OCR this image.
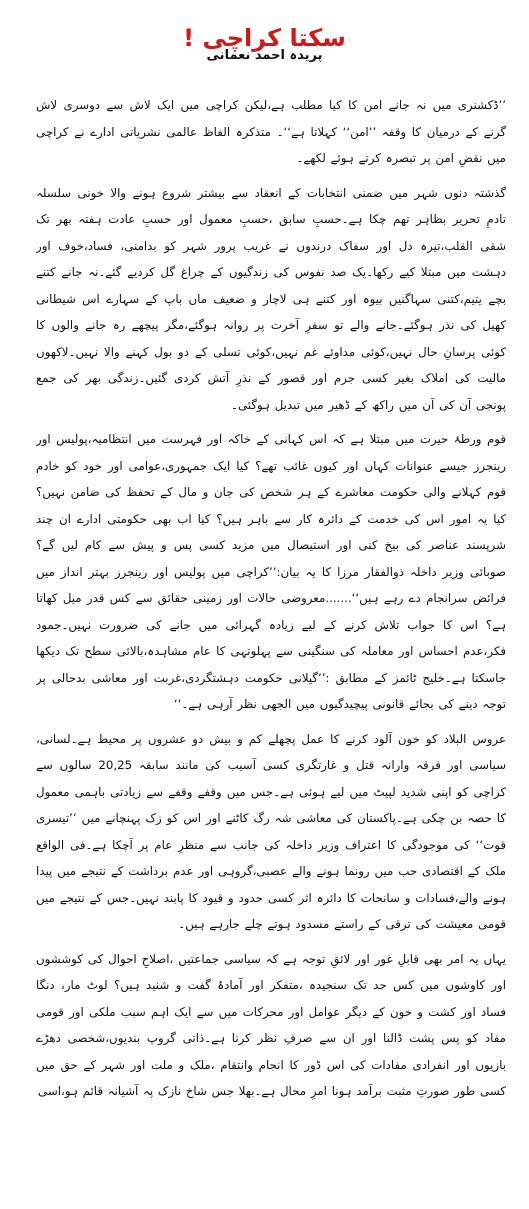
سکتا کراچی !
پریدہ احمد نعمانی

’’ڈکشنری میں نہ جانے امن کا کیا مطلب ہے،لیکن کراچی میں ایک لاش سے دوسری لاش گرنے کے درمیان کا وقفہ ’’امن‘‘ کہلاتا ہے‘‘۔ متذکرہ الفاظ عالمی نشریاتی ادارے نے کراچی میں نقضِ امن پر تبصرہ کرتے ہوئے لکھے۔

گذشتہ دنوں شہر میں ضمنی انتخابات کے انعقاد سے بیشتر شروع ہونے والا خونی سلسلہ تادمِ تحریر بظاہر تھم چکا ہے۔حسبِ سابق ،حسبِ معمول اور حسبِ عادت ہفتہ بھر تک شقی القلب،تیرہ دل اور سفاک درندوں نے غریب پرور شہر کو بدامنی، فساد،خوف اور دہشت میں مبتلا کیے رکھا۔یک صد نفوس کی زندگیوں کے چراغ گل کردیے گئے۔نہ جانے کتنے بچے یتیم،کتنی سہاگنیں بیوہ اور کتنے ہی لاچار و ضعیف ماں باپ کے سہارے اس شیطانی کھیل کی نذر ہوگئے۔جانے والے تو سفرِ آخرت پر روانہ ہوگئے،مگر پیچھے رہ جانے والوں کا کوئی پرسانِ حال نہیں،کوئی مداوئے غم نہیں،کوئی تسلی کے دو بول کہنے والا نہیں۔لاکھوں مالیت کی املاک بغیر کسی جرم اور قصور کے نذرِ آتش کردی گئیں۔زندگی بھر کی جمع پونجی آن کی آن میں راکھ کے ڈھیر میں تبدیل ہوگئی۔

قوم ورطۂ حیرت میں مبتلا ہے کہ اس کہانی کے خاکہ اور فہرست میں انتظامیہ،پولیس اور رینجرز جیسے عنوانات کہاں اور کیوں غائب تھے؟ کیا ایک جمہوری،عوامی اور خود کو خادم قوم کہلانے والی حکومت معاشرے کے ہر شخص کی جان و مال کے تحفظ کی ضامن نہیں؟ کیا یہ امور اس کی خدمت کے دائرہ کار سے باہر ہیں؟ کیا اب بھی حکومتی ادارے ان چند شرپسند عناصر کی بیخ کنی اور استیصال میں مزید کسی پس و پیش سے کام لیں گے؟ صوبائی وزیر داخلہ ذوالفقار مرزا کا یہ بیان:’’کراچی میں پولیس اور رینجرز بہتر انداز میں فرائض سرانجام دے رہے ہیں‘‘.......معروضی حالات اور زمینی حقائق سے کس قدر میل کھاتا ہے؟ اس کا جواب تلاش کرنے کے لیے زیادہ گہرائی میں جانے کی ضرورت نہیں۔جمود فکر،عدم احساس اور معاملہ کی سنگینی سے پہلوتہی کا عام مشاہدہ،بالائی سطح تک دیکھا جاسکتا ہے۔خلیج ٹائمز کے مطابق :’’گیلانی حکومت دہشتگردی،غربت اور معاشی بدحالی پر توجہ دینے کی بجائے قانونی پیچیدگیوں میں الجھی نظر آرہی ہے۔‘‘

عروس البلاد کو خون آلود کرنے کا عمل پچھلے کم و بیش دو عشروں پر محیط ہے۔لسانی، سیاسی اور فرقہ وارانہ قتل و غارتگری کسی آسیب کی مانند سابقہ 20,25 سالوں سے کراچی کو اپنی شدید لپیٹ میں لیے ہوئی ہے۔جس میں وقفے وقفے سے زیادتی باہمی معمول کا حصہ بن چکی ہے۔پاکستان کی معاشی شہ رگ کاٹنے اور اس کو زک پہنچانے میں ’’تیسری قوت‘‘ کی موجودگی کا اعتراف وزیر داخلہ کی جانب سے منظرِ عام پر آچکا ہے۔فی الواقع ملک کے اقتصادی حب میں رونما ہونے والے عصبی،گروہی اور عدم برداشت کے نتیجے میں پیدا ہونے والے،فسادات و سانحات کا دائرہ اثر کسی حدود و قیود کا پابند نہیں۔جس کے نتیجے میں قومی معیشت کی ترقی کے راستے مسدود ہوتے چلے جارہے ہیں۔

یہاں یہ امر بھی قابلِ غور اور لائقِ توجہ ہے کہ سیاسی جماعتیں ،اصلاحِ احوال کی کوششوں اور کاوشوں میں کس حد تک سنجیدہ ،متفکر اور آمادۂ گفت و شنید ہیں؟ لوٹ مار، دنگا فساد اور کشت و خون کے دیگر عوامل اور محرکات میں سے ایک اہم سبب ملکی اور قومی مفاد کو پس پشت ڈالنا اور ان سے صرفِ نظر کرنا ہے۔ذاتی گروپ بندیوں،شخصی دھڑے بازیوں اور انفرادی مفادات کی اس ڈور کا انجام وانتقام ،ملک و ملت اور شہر کے حق میں کسی طور صورتِ مثبت برآمد ہونا امرِ محال ہے۔بھلا جس شاخ نازک پہ آشیانہ قائم ہو،اسی
